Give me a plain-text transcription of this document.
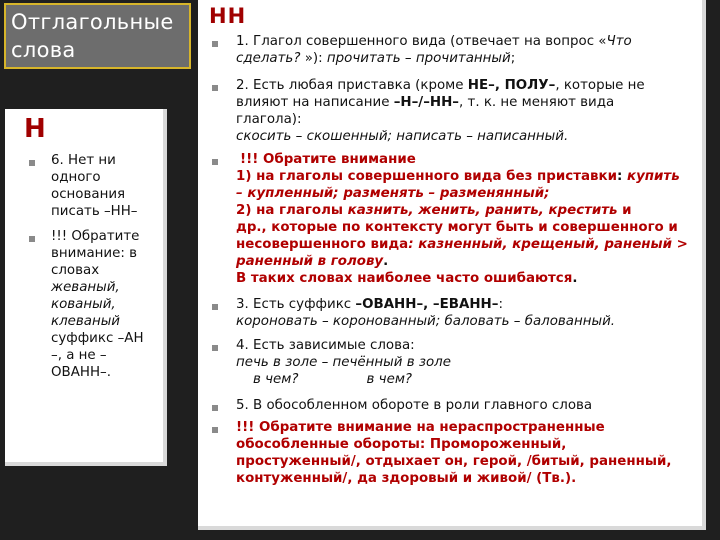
Отглагольные слова
Н
6. Нет ни
одного
основания
писать –НН–
!!! Обратите
внимание: в
словах
жеваный,
кованый,
клеваный
суффикс –АН
–, а не –
ОВАНН–.
НН
1. Глагол совершенного вида (отвечает на вопрос «Что
сделать? »): прочитать – прочитанный;
2. Есть любая приставка (кроме НЕ–, ПОЛУ–, которые не
влияют на написание –Н–/–НН–, т. к. не меняют вида
глагола):
скосить – скошенный; написать – написанный.
!!! Обратите внимание
1) на глаголы совершенного вида без приставки: купить
– купленный; разменять – разменянный;
2) на глаголы казнить, женить, ранить, крестить и
др., которые по контексту могут быть и совершенного и
несовершенного вида: казненный, крещеный, раненый >
раненный в голову.
В таких словах наиболее часто ошибаются.
3. Есть суффикс –ОВАНН–, –ЕВАНН–:
короновать – коронованный; баловать – балованный.
4. Есть зависимые слова:
печь в золе – печённый в золе
в чем?	в чем?
5. В обособленном обороте в роли главного слова
!!! Обратите внимание на нераспространенные
обособленные обороты: Промороженный,
простуженный/, отдыхает он, герой, /битый, раненный,
контуженный/, да здоровый и живой/ (Тв.).
